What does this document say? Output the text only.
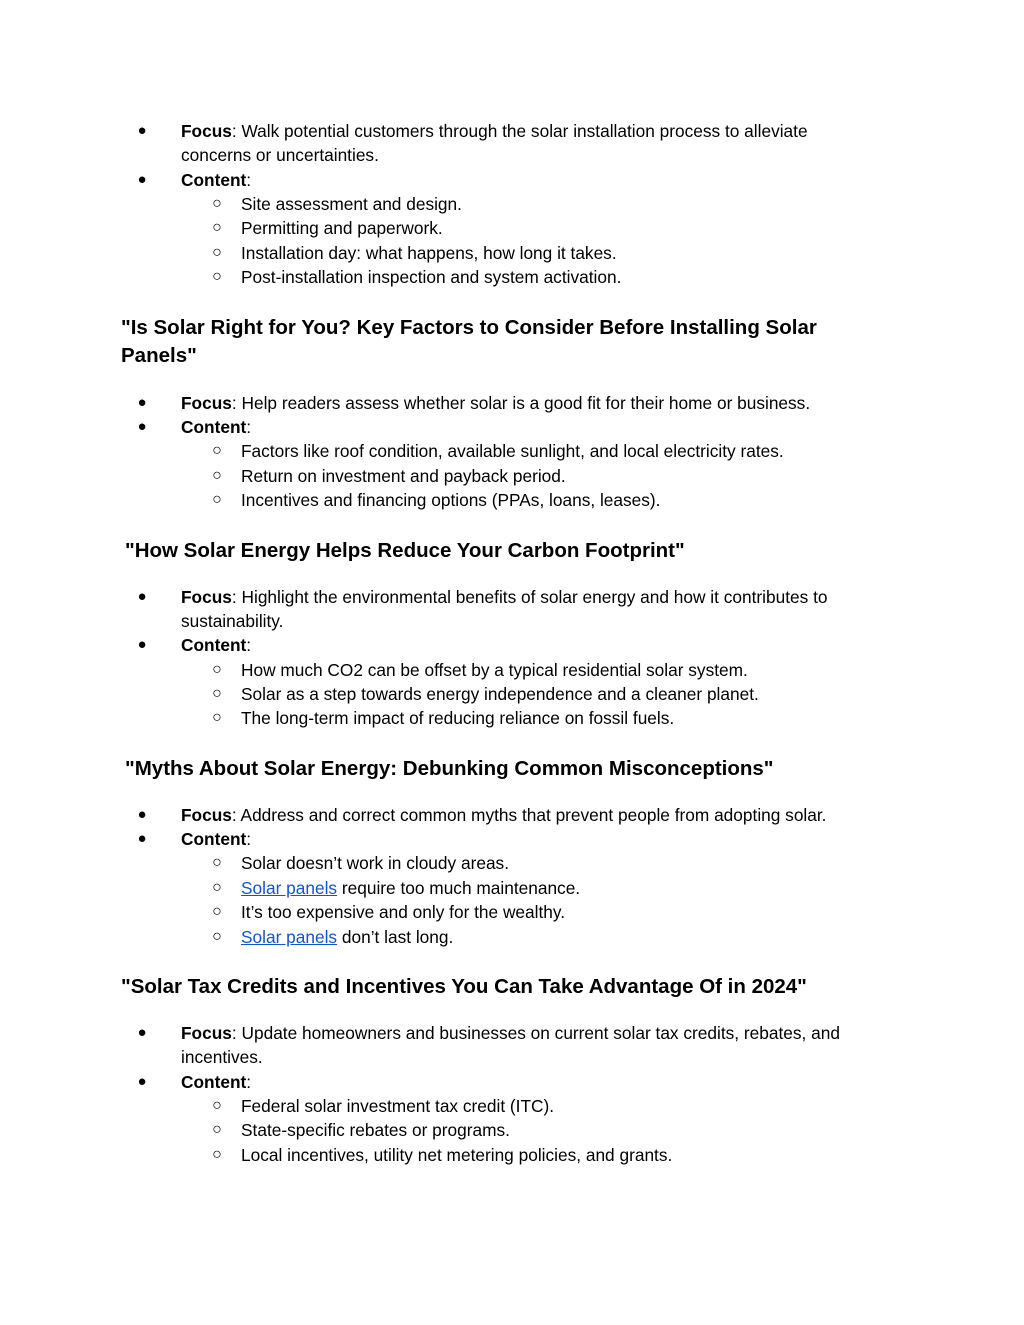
●	Focus: Walk potential customers through the solar installation process to alleviate
concerns or uncertainties.
●	Content:
○ Site assessment and design.
○ Permitting and paperwork.
○ Installation day: what happens, how long it takes.
○ Post-installation inspection and system activation.
"Is Solar Right for You? Key Factors to Consider Before Installing Solar
Panels"
●	Focus: Help readers assess whether solar is a good fit for their home or business.
●	Content:
○ Factors like roof condition, available sunlight, and local electricity rates.
○ Return on investment and payback period.
○ Incentives and financing options (PPAs, loans, leases).
"How Solar Energy Helps Reduce Your Carbon Footprint"
●	Focus: Highlight the environmental benefits of solar energy and how it contributes to
sustainability.
●	Content:
○ How much CO2 can be offset by a typical residential solar system.
○ Solar as a step towards energy independence and a cleaner planet.
○ The long-term impact of reducing reliance on fossil fuels.
"Myths About Solar Energy: Debunking Common Misconceptions"
●	Focus: Address and correct common myths that prevent people from adopting solar.
●	Content:
○ Solar doesn’t work in cloudy areas.
○ Solar panels require too much maintenance.
○ It’s too expensive and only for the wealthy.
○ Solar panels don’t last long.
"Solar Tax Credits and Incentives You Can Take Advantage Of in 2024"
●	Focus: Update homeowners and businesses on current solar tax credits, rebates, and
incentives.
●	Content:
○ Federal solar investment tax credit (ITC).
○ State-specific rebates or programs.
○ Local incentives, utility net metering policies, and grants.
